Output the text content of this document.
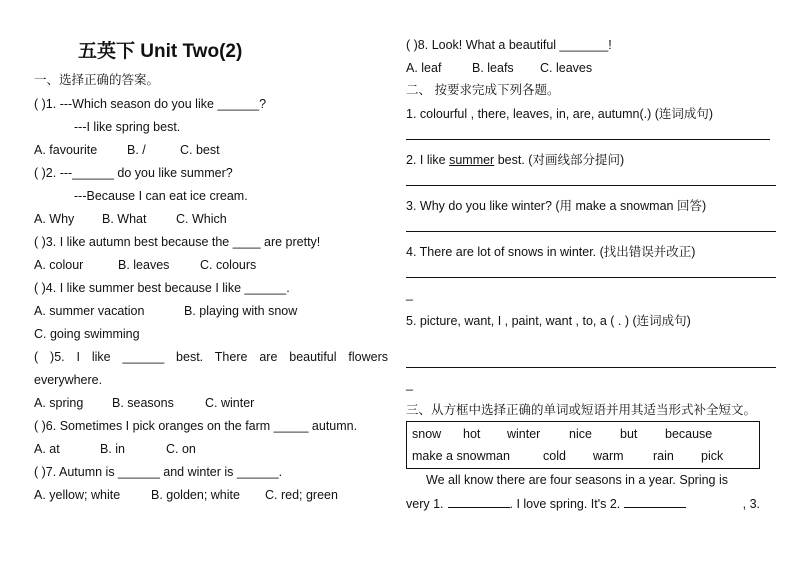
五英下 Unit Two(2)
一、选择正确的答案。
( )1. ---Which season do you like ______?
---I like spring best.
A. favourite B. /	C. best
( )2. ---______ do you like summer?
---Because I can eat ice cream.
A. Why B. What C. Which
( )3. I like autumn best because the ____ are pretty!
A. colour	B. leaves C. colours
( )4. I like summer best because I like ______.
A. summer vacation	B. playing with snow
C. going swimming
( )5. I like ______ best. There are beautiful flowers
everywhere.
A. spring B. seasons C. winter
( )6. Sometimes I pick oranges on the farm _____ autumn.
A. at	B. in	C. on
( )7. Autumn is ______ and winter is ______.
A. yellow; white B. golden; white C. red; green
( )8. Look! What a beautiful _______!
A. leaf B. leafs C. leaves
二、 按要求完成下列各题。
1. colourful , there, leaves, in, are, autumn(.) (连词成句)
2. I like summer best. (对画线部分提问)
3. Why do you like winter? (用 make a snowman 回答)
4. There are lot of snows in winter. (找出错误并改正)
_
5. picture, want, I , paint, want , to, a ( . ) (连词成句)
_
三、从方框中选择正确的单词或短语并用其适当形式补全短文。
snow hot winter nice but because
make a snowman	cold warm rain pick
We all know there are four seasons in a year. Spring is
very 1.	. I love spring. It's 2.	, 3.
